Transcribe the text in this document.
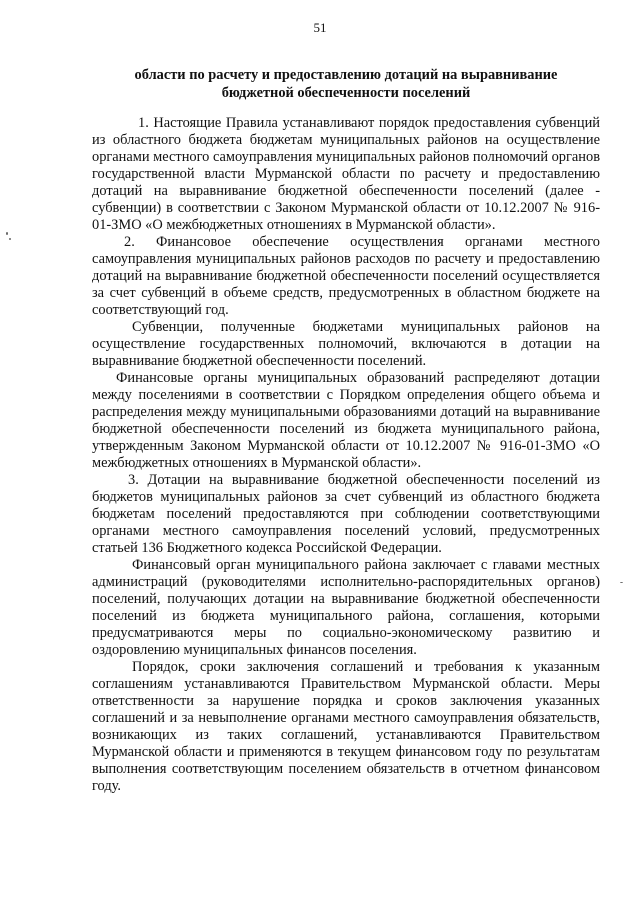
51
области по расчету и предоставлению дотаций на выравнивание
бюджетной обеспеченности поселений

1. Настоящие Правила устанавливают порядок предоставления субвенций из областного бюджета бюджетам муниципальных районов на осуществление органами местного самоуправления муниципальных районов полномочий органов государственной власти Мурманской области по расчету и предоставлению дотаций на выравнивание бюджетной обеспеченности поселений (далее - субвенции) в соответствии с Законом Мурманской области от 10.12.2007 № 916-01-ЗМО «О межбюджетных отношениях в Мурманской области».

2. Финансовое обеспечение осуществления органами местного самоуправления муниципальных районов расходов по расчету и предоставлению дотаций на выравнивание бюджетной обеспеченности поселений осуществляется за счет субвенций в объеме средств, предусмотренных в областном бюджете на соответствующий год.

Субвенции, полученные бюджетами муниципальных районов на осуществление государственных полномочий, включаются в дотации на выравнивание бюджетной обеспеченности поселений.

Финансовые органы муниципальных образований распределяют дотации между поселениями в соответствии с Порядком определения общего объема и распределения между муниципальными образованиями дотаций на выравнивание бюджетной обеспеченности поселений из бюджета муниципального района, утвержденным Законом Мурманской области от 10.12.2007 № 916-01-ЗМО «О межбюджетных отношениях в Мурманской области».

3. Дотации на выравнивание бюджетной обеспеченности поселений из бюджетов муниципальных районов за счет субвенций из областного бюджета бюджетам поселений предоставляются при соблюдении соответствующими органами местного самоуправления поселений условий, предусмотренных статьей 136 Бюджетного кодекса Российской Федерации.

Финансовый орган муниципального района заключает с главами местных администраций (руководителями исполнительно-распорядительных органов) поселений, получающих дотации на выравнивание бюджетной обеспеченности поселений из бюджета муниципального района, соглашения, которыми предусматриваются меры по социально-экономическому развитию и оздоровлению муниципальных финансов поселения.

Порядок, сроки заключения соглашений и требования к указанным соглашениям устанавливаются Правительством Мурманской области. Меры ответственности за нарушение порядка и сроков заключения указанных соглашений и за невыполнение органами местного самоуправления обязательств, возникающих из таких соглашений, устанавливаются Правительством Мурманской области и применяются в текущем финансовом году по результатам выполнения соответствующим поселением обязательств в отчетном финансовом году.
